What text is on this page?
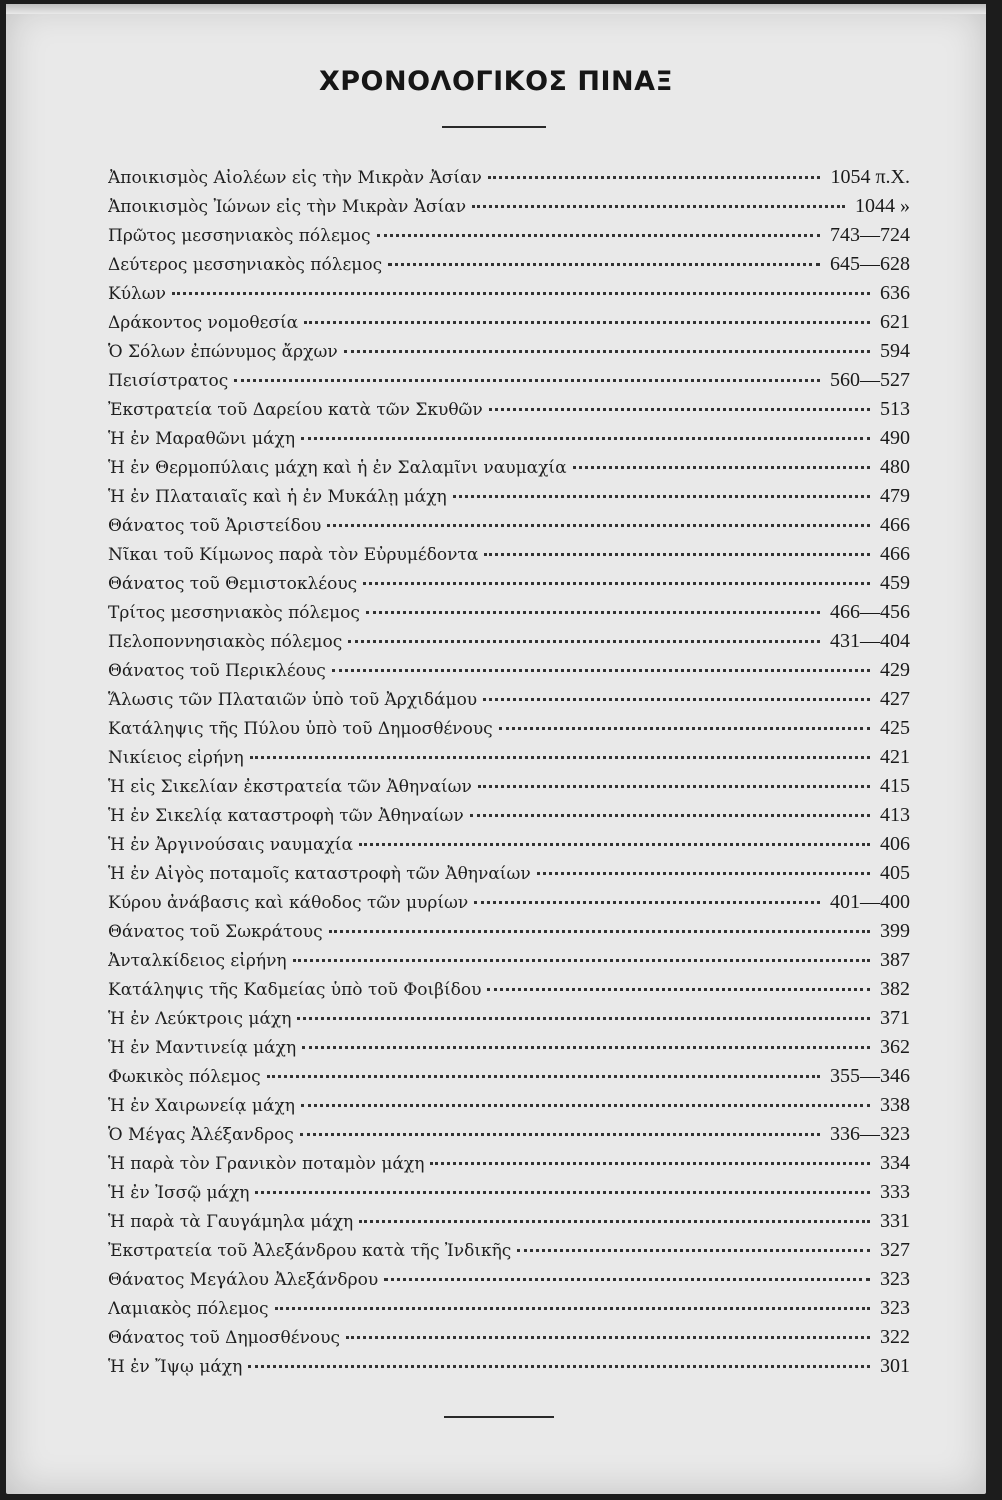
ΧΡΟΝΟΛΟΓΙΚΟΣ ΠΙΝΑΞ
Ἀποικισμὸς Αἰολέων εἰς τὴν Μικρὰν Ἀσίαν	1054 π.Χ.
Ἀποικισμὸς Ἰώνων εἰς τὴν Μικρὰν Ἀσίαν	1044 »
Πρῶτος μεσσηνιακὸς πόλεμος	743—724
Δεύτερος μεσσηνιακὸς πόλεμος	645—628
Κύλων	636
Δράκοντος νομοθεσία	621
Ὁ Σόλων ἐπώνυμος ἄρχων	594
Πεισίστρατος	560—527
Ἐκστρατεία τοῦ Δαρείου κατὰ τῶν Σκυθῶν	513
Ἡ ἐν Μαραθῶνι μάχη	490
Ἡ ἐν Θερμοπύλαις μάχη καὶ ἡ ἐν Σαλαμῖνι ναυμαχία	480
Ἡ ἐν Πλαταιαῖς καὶ ἡ ἐν Μυκάλῃ μάχη	479
Θάνατος τοῦ Ἀριστείδου	466
Νῖκαι τοῦ Κίμωνος παρὰ τὸν Εὐρυμέδοντα	466
Θάνατος τοῦ Θεμιστοκλέους	459
Τρίτος μεσσηνιακὸς πόλεμος	466—456
Πελοποννησιακὸς πόλεμος	431—404
Θάνατος τοῦ Περικλέους	429
Ἅλωσις τῶν Πλαταιῶν ὑπὸ τοῦ Ἀρχιδάμου	427
Κατάληψις τῆς Πύλου ὑπὸ τοῦ Δημοσθένους	425
Νικίειος εἰρήνη	421
Ἡ εἰς Σικελίαν ἐκστρατεία τῶν Ἀθηναίων	415
Ἡ ἐν Σικελίᾳ καταστροφὴ τῶν Ἀθηναίων	413
Ἡ ἐν Ἀργινούσαις ναυμαχία	406
Ἡ ἐν Αἰγὸς ποταμοῖς καταστροφὴ τῶν Ἀθηναίων	405
Κύρου ἀνάβασις καὶ κάθοδος τῶν μυρίων	401—400
Θάνατος τοῦ Σωκράτους	399
Ἀνταλκίδειος εἰρήνη	387
Κατάληψις τῆς Καδμείας ὑπὸ τοῦ Φοιβίδου	382
Ἡ ἐν Λεύκτροις μάχη	371
Ἡ ἐν Μαντινείᾳ μάχη	362
Φωκικὸς πόλεμος	355—346
Ἡ ἐν Χαιρωνείᾳ μάχη	338
Ὁ Μέγας Ἀλέξανδρος	336—323
Ἡ παρὰ τὸν Γρανικὸν ποταμὸν μάχη	334
Ἡ ἐν Ἰσσῷ μάχη	333
Ἡ παρὰ τὰ Γαυγάμηλα μάχη	331
Ἐκστρατεία τοῦ Ἀλεξάνδρου κατὰ τῆς Ἰνδικῆς	327
Θάνατος Μεγάλου Ἀλεξάνδρου	323
Λαμιακὸς πόλεμος	323
Θάνατος τοῦ Δημοσθένους	322
Ἡ ἐν Ἴψῳ μάχη	301
